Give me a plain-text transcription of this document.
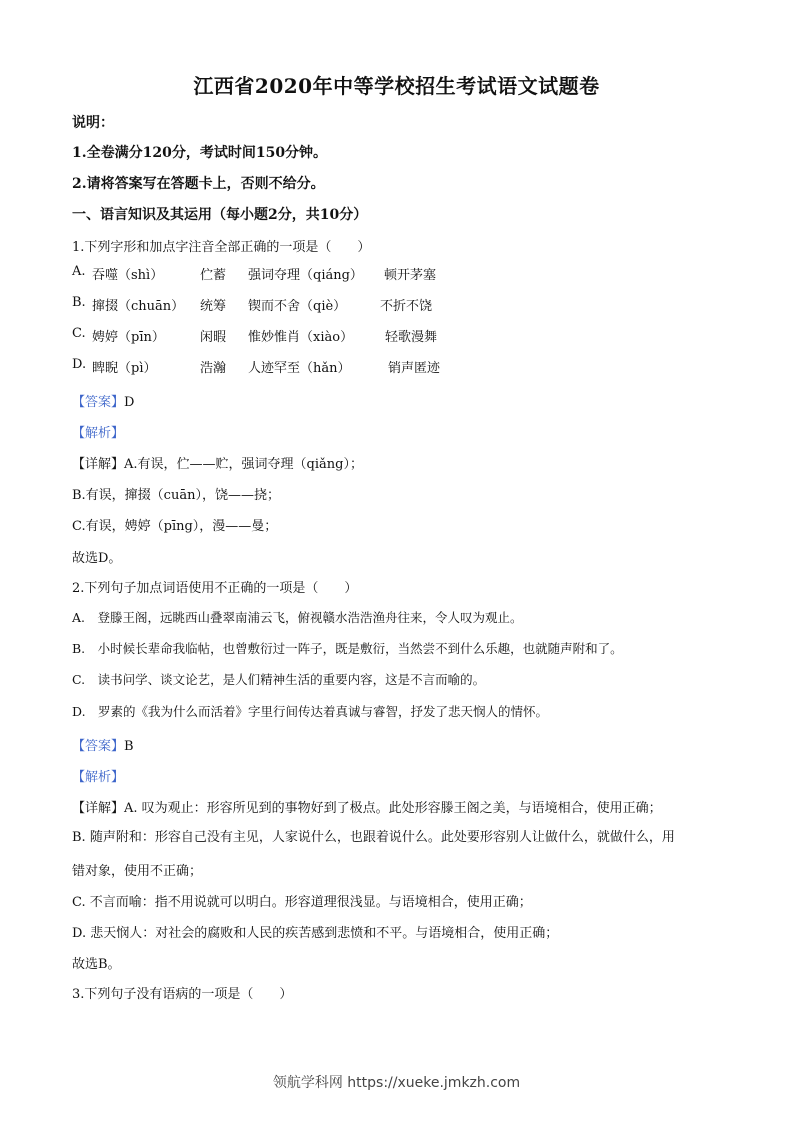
江西省2020年中等学校招生考试语文试题卷
说明：
1.全卷满分120分，考试时间150分钟。
2.请将答案写在答题卡上，否则不给分。
一、语言知识及其运用（每小题2分，共10分）
1.下列字形和加点字注音全部正确的一项是（　　）
A. 吞噬（shì）	伫蓄 强词夺理（qiáng） 顿开茅塞
B. 撺掇（chuān） 统筹 锲而不舍（qiè）	不折不饶
C. 娉婷（pīn）	闲暇 惟妙惟肖（xiào） 轻歌漫舞
D. 睥睨（pì）	浩瀚 人迹罕至（hǎn）	销声匿迹
【答案】D
【解析】
【详解】A.有误，伫——贮，强词夺理（qiǎng）；
B.有误，撺掇（cuān），饶——挠；
C.有误，娉婷（pīng），漫——曼；
故选D。
2.下列句子加点词语使用不正确的一项是（　　）
A.　登滕王阁，远眺西山叠翠南浦云飞，俯视赣水浩浩渔舟往来，令人叹为观止。
B.　小时候长辈命我临帖，也曾敷衍过一阵子，既是敷衍，当然尝不到什么乐趣，也就随声附和了。
C.　读书问学、谈文论艺，是人们精神生活的重要内容，这是不言而喻的。
D.　罗素的《我为什么而活着》字里行间传达着真诚与睿智，抒发了悲天悯人的情怀。
【答案】B
【解析】
【详解】A. 叹为观止：形容所见到的事物好到了极点。此处形容滕王阁之美，与语境相合，使用正确；
B. 随声附和：形容自己没有主见，人家说什么，也跟着说什么。此处要形容别人让做什么，就做什么，用
错对象，使用不正确；
C. 不言而喻：指不用说就可以明白。形容道理很浅显。与语境相合，使用正确；
D. 悲天悯人：对社会的腐败和人民的疾苦感到悲愤和不平。与语境相合，使用正确；
故选B。
3.下列句子没有语病的一项是（　　）
领航学科网 https://xueke.jmkzh.com
